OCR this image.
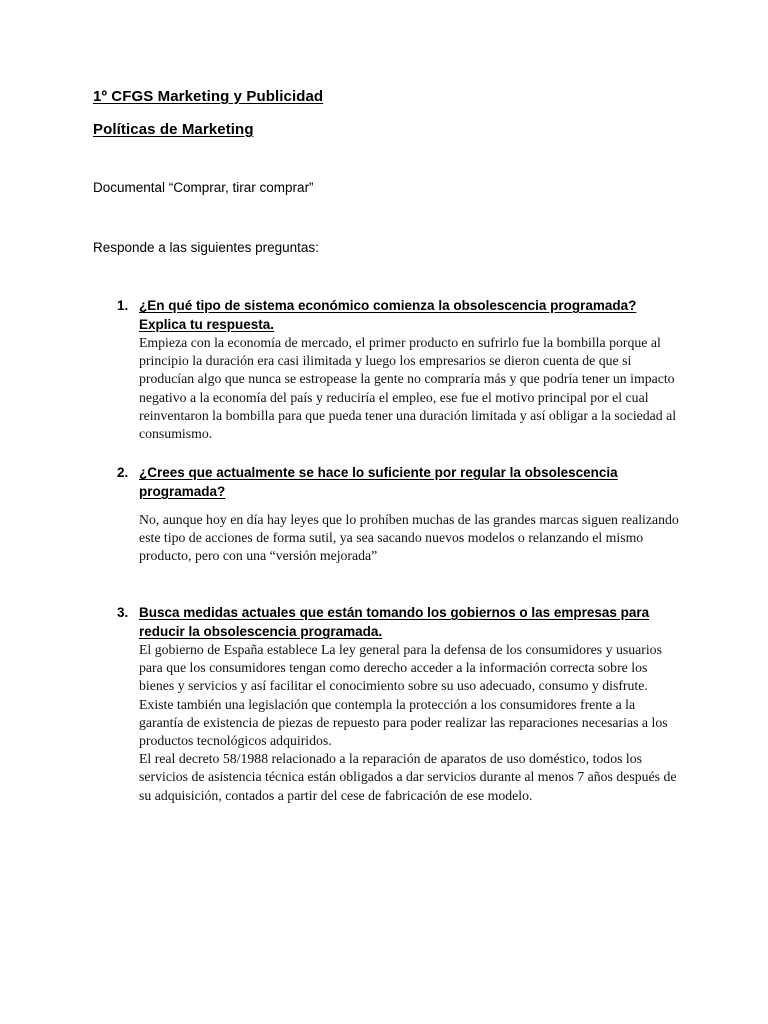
1º CFGS Marketing y Publicidad
Políticas de Marketing
Documental “Comprar, tirar comprar”
Responde a las siguientes preguntas:
1. ¿En qué tipo de sistema económico comienza la obsolescencia programada? Explica tu respuesta.

Empieza con la economía de mercado, el primer producto en sufrirlo fue la bombilla porque al principio la duración era casi ilimitada y luego los empresarios se dieron cuenta de que si producían algo que nunca se estropease la gente no compraría más y que podría tener un impacto negativo a la economía del país y reduciría el empleo, ese fue el motivo principal por el cual reinventaron la bombilla para que pueda tener una duración limitada y así obligar a la sociedad al consumismo.

2. ¿Crees que actualmente se hace lo suficiente por regular la obsolescencia programada?

No, aunque hoy en día hay leyes que lo prohíben muchas de las grandes marcas siguen realizando este tipo de acciones de forma sutil, ya sea sacando nuevos modelos o relanzando el mismo producto, pero con una “versión mejorada”

3. Busca medidas actuales que están tomando los gobiernos o las empresas para reducir la obsolescencia programada.

El gobierno de España establece La ley general para la defensa de los consumidores y usuarios para que los consumidores tengan como derecho acceder a la información correcta sobre los bienes y servicios y así facilitar el conocimiento sobre su uso adecuado, consumo y disfrute.

Existe también una legislación que contempla la protección a los consumidores frente a la garantía de existencia de piezas de repuesto para poder realizar las reparaciones necesarias a los productos tecnológicos adquiridos.

El real decreto 58/1988 relacionado a la reparación de aparatos de uso doméstico, todos los servicios de asistencia técnica están obligados a dar servicios durante al menos 7 años después de su adquisición, contados a partir del cese de fabricación de ese modelo.
